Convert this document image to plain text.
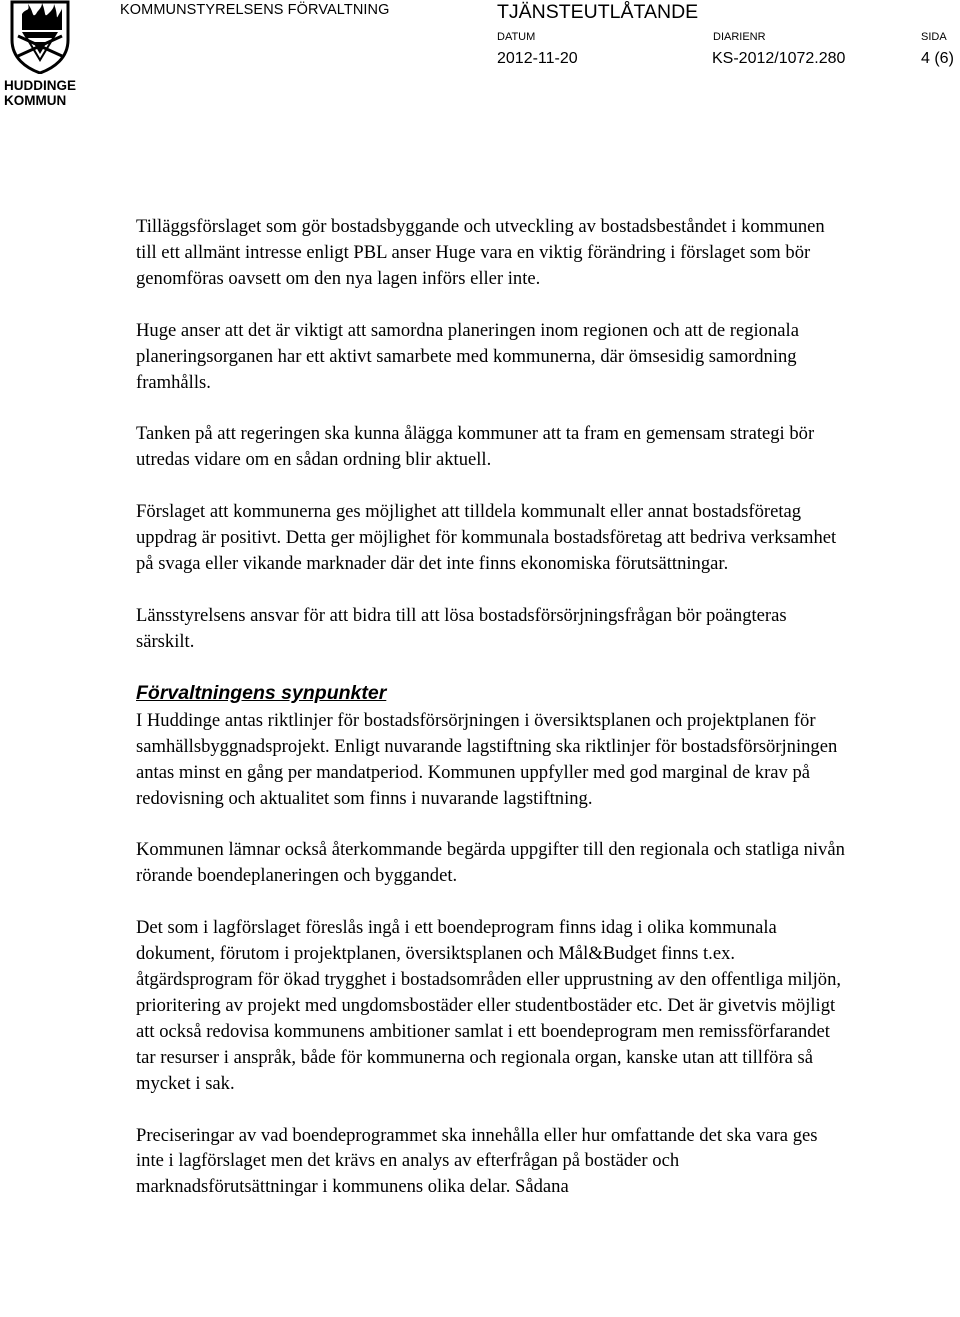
HUDDINGE
KOMMUN
KOMMUNSTYRELSENS FÖRVALTNING	TJÄNSTEUTLÅTANDE
DATUM	DIARIENR	SIDA
2012-11-20	KS-2012/1072.280	4 (6)

Tilläggsförslaget som gör bostadsbyggande och utveckling av bostadsbeståndet i kommunen till ett allmänt intresse enligt PBL anser Huge vara en viktig förändring i förslaget som bör genomföras oavsett om den nya lagen införs eller inte.

Huge anser att det är viktigt att samordna planeringen inom regionen och att de regionala planeringsorganen har ett aktivt samarbete med kommunerna, där ömsesidig samordning framhålls.

Tanken på att regeringen ska kunna ålägga kommuner att ta fram en gemensam strategi bör utredas vidare om en sådan ordning blir aktuell.

Förslaget att kommunerna ges möjlighet att tilldela kommunalt eller annat bostadsföretag uppdrag är positivt. Detta ger möjlighet för kommunala bostadsföretag att bedriva verksamhet på svaga eller vikande marknader där det inte finns ekonomiska förutsättningar.

Länsstyrelsens ansvar för att bidra till att lösa bostadsförsörjningsfrågan bör poängteras särskilt.

Förvaltningens synpunkter

I Huddinge antas riktlinjer för bostadsförsörjningen i översiktsplanen och projektplanen för samhällsbyggnadsprojekt. Enligt nuvarande lagstiftning ska riktlinjer för bostadsförsörjningen antas minst en gång per mandatperiod. Kommunen uppfyller med god marginal de krav på redovisning och aktualitet som finns i nuvarande lagstiftning.

Kommunen lämnar också återkommande begärda uppgifter till den regionala och statliga nivån rörande boendeplaneringen och byggandet.

Det som i lagförslaget föreslås ingå i ett boendeprogram finns idag i olika kommunala dokument, förutom i projektplanen, översiktsplanen och Mål&Budget finns t.ex. åtgärdsprogram för ökad trygghet i bostadsområden eller upprustning av den offentliga miljön, prioritering av projekt med ungdomsbostäder eller studentbostäder etc. Det är givetvis möjligt att också redovisa kommunens ambitioner samlat i ett boendeprogram men remissförfarandet tar resurser i anspråk, både för kommunerna och regionala organ, kanske utan att tillföra så mycket i sak.

Preciseringar av vad boendeprogrammet ska innehålla eller hur omfattande det ska vara ges inte i lagförslaget men det krävs en analys av efterfrågan på bostäder och marknadsförutsättningar i kommunens olika delar. Sådana
